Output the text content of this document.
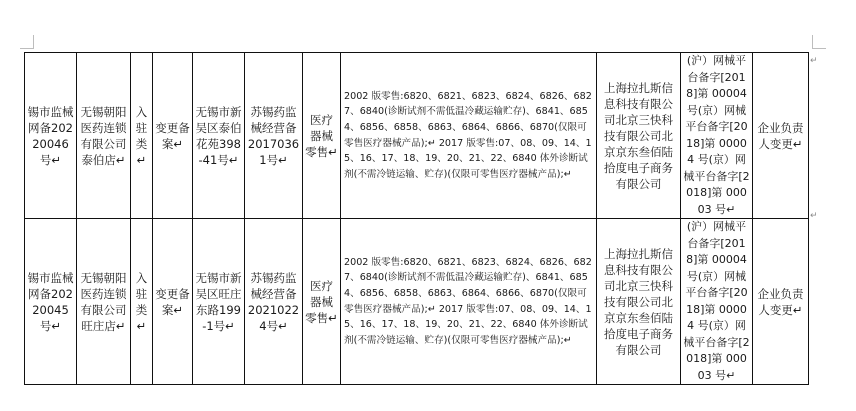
锡市监械网备20220046号↵	无锡朝阳医药连锁有限公司泰伯店↵	入驻类↵	变更备案↵	无锡市新吴区泰伯花苑398-41号↵	苏锡药监械经营备20170361号↵	医疗器械零售↵	2002 版零售:6820、6821、6823、6824、6826、6827、6840(诊断试剂不需低温冷藏运输贮存)、6841、6854、6856、6858、6863、6864、6866、6870(仅限可零售医疗器械产品);↵ 2017 版零售:07、08、09、14、15、16、17、18、19、20、21、22、6840 体外诊断试剂(不需冷链运输、贮存)(仅限可零售医疗器械产品);↵	上海拉扎斯信息科技有限公司北京三快科技有限公司北京京东叁佰陆拾度电子商务有限公司	(沪）网械平台备字[2018]第 00004 号(京）网械平台备字[2018]第 00004 号(京）网械平台备字[2018]第 00003 号↵	企业负责人变更↵
锡市监械网备20220045号↵	无锡朝阳医药连锁有限公司旺庄店↵	入驻类↵	变更备案↵	无锡市新吴区旺庄东路199-1号↵	苏锡药监械经营备20210224号↵	医疗器械零售↵	2002 版零售:6820、6821、6823、6824、6826、6827、6840(诊断试剂不需低温冷藏运输贮存)、6841、6854、6856、6858、6863、6864、6866、6870(仅限可零售医疗器械产品);↵ 2017 版零售:07、08、09、14、15、16、17、18、19、20、21、22、6840 体外诊断试剂(不需冷链运输、贮存)(仅限可零售医疗器械产品);↵	上海拉扎斯信息科技有限公司北京三快科技有限公司北京京东叁佰陆拾度电子商务有限公司	(沪）网械平台备字[2018]第 00004 号(京）网械平台备字[2018]第 00004 号(京）网械平台备字[2018]第 00003 号↵	企业负责人变更↵
↵
↵
